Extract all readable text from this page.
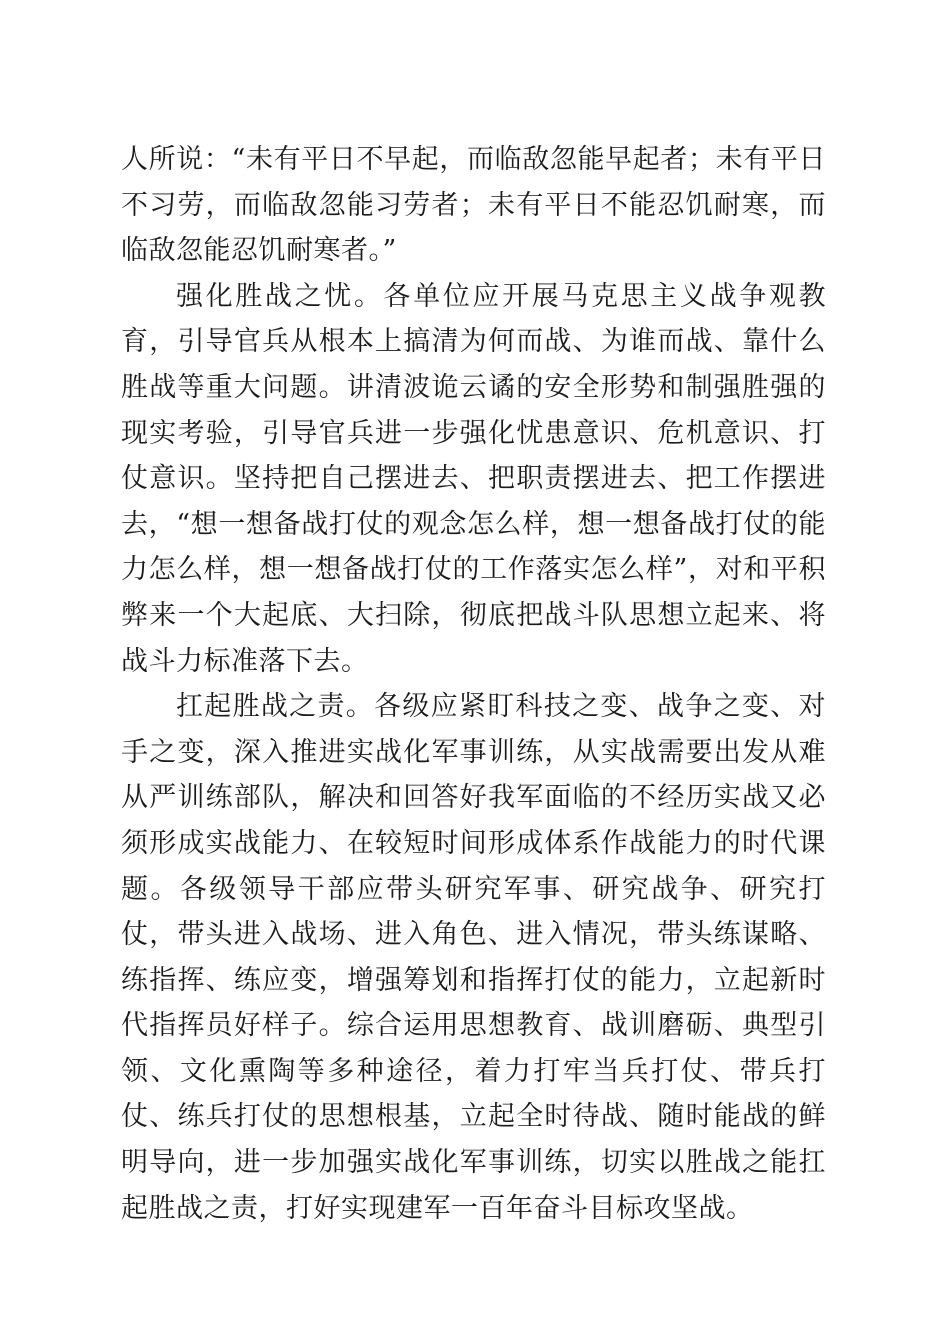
人所说：“未有平日不早起，而临敌忽能早起者；未有平日不习劳，而临敌忽能习劳者；未有平日不能忍饥耐寒，而临敌忽能忍饥耐寒者。”

强化胜战之忧。各单位应开展马克思主义战争观教育，引导官兵从根本上搞清为何而战、为谁而战、靠什么胜战等重大问题。讲清波诡云谲的安全形势和制强胜强的现实考验，引导官兵进一步强化忧患意识、危机意识、打仗意识。坚持把自己摆进去、把职责摆进去、把工作摆进去，“想一想备战打仗的观念怎么样，想一想备战打仗的能力怎么样，想一想备战打仗的工作落实怎么样”，对和平积弊来一个大起底、大扫除，彻底把战斗队思想立起来、将战斗力标准落下去。

扛起胜战之责。各级应紧盯科技之变、战争之变、对手之变，深入推进实战化军事训练，从实战需要出发从难从严训练部队，解决和回答好我军面临的不经历实战又必须形成实战能力、在较短时间形成体系作战能力的时代课题。各级领导干部应带头研究军事、研究战争、研究打仗，带头进入战场、进入角色、进入情况，带头练谋略、练指挥、练应变，增强筹划和指挥打仗的能力，立起新时代指挥员好样子。综合运用思想教育、战训磨砺、典型引领、文化熏陶等多种途径，着力打牢当兵打仗、带兵打仗、练兵打仗的思想根基，立起全时待战、随时能战的鲜明导向，进一步加强实战化军事训练，切实以胜战之能扛起胜战之责，打好实现建军一百年奋斗目标攻坚战。
